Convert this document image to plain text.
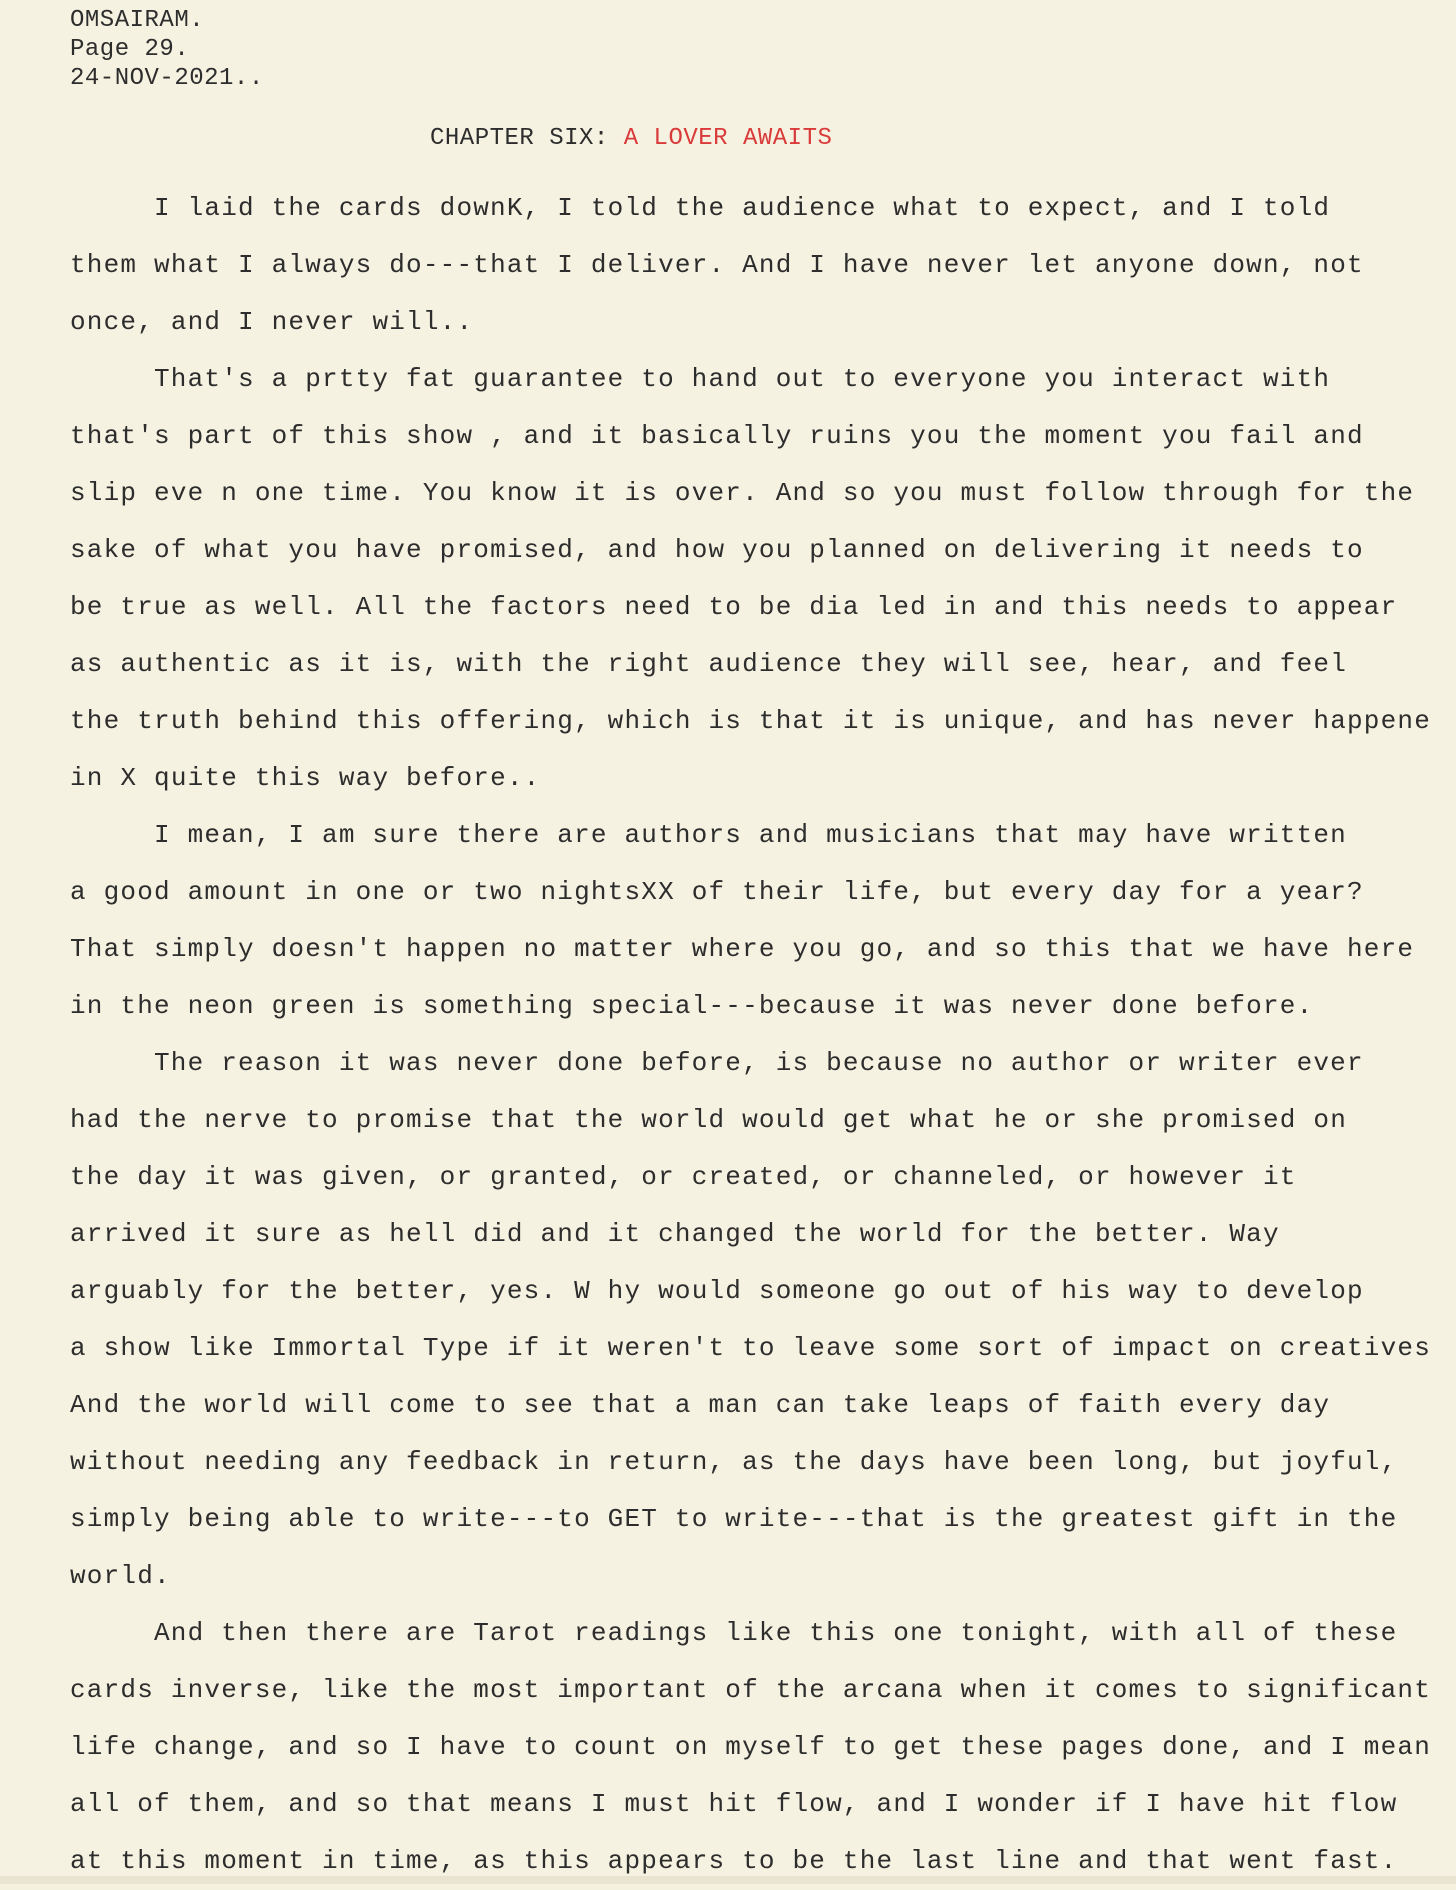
OMSAIRAM.
Page 29.
24-NOV-2021..
CHAPTER SIX: A LOVER AWAITS
I laid the cards downK, I told the audience what to expect, and I told
them what I always do---that I deliver. And I have never let anyone down, not
once, and I never will..
That's a prtty fat guarantee to hand out to everyone you interact with
that's part of this show , and it basically ruins you the moment you fail and
slip eve n one time. You know it is over. And so you must follow through for the
sake of what you have promised, and how you planned on delivering it needs to
be true as well. All the factors need to be dia led in and this needs to appear
as authentic as it is, with the right audience they will see, hear, and feel
the truth behind this offering, which is that it is unique, and has never happene
in X quite this way before..
I mean, I am sure there are authors and musicians that may have written
a good amount in one or two nightsXX of their life, but every day for a year?
That simply doesn't happen no matter where you go, and so this that we have here
in the neon green is something special---because it was never done before.
The reason it was never done before, is because no author or writer ever
had the nerve to promise that the world would get what he or she promised on
the day it was given, or granted, or created, or channeled, or however it
arrived it sure as hell did and it changed the world for the better. Way
arguably for the better, yes. W hy would someone go out of his way to develop
a show like Immortal Type if it weren't to leave some sort of impact on creatives
And the world will come to see that a man can take leaps of faith every day
without needing any feedback in return, as the days have been long, but joyful,
simply being able to write---to GET to write---that is the greatest gift in the
world.
And then there are Tarot readings like this one tonight, with all of these
cards inverse, like the most important of the arcana when it comes to significant
life change, and so I have to count on myself to get these pages done, and I mean
all of them, and so that means I must hit flow, and I wonder if I have hit flow
at this moment in time, as this appears to be the last line and that went fast.
